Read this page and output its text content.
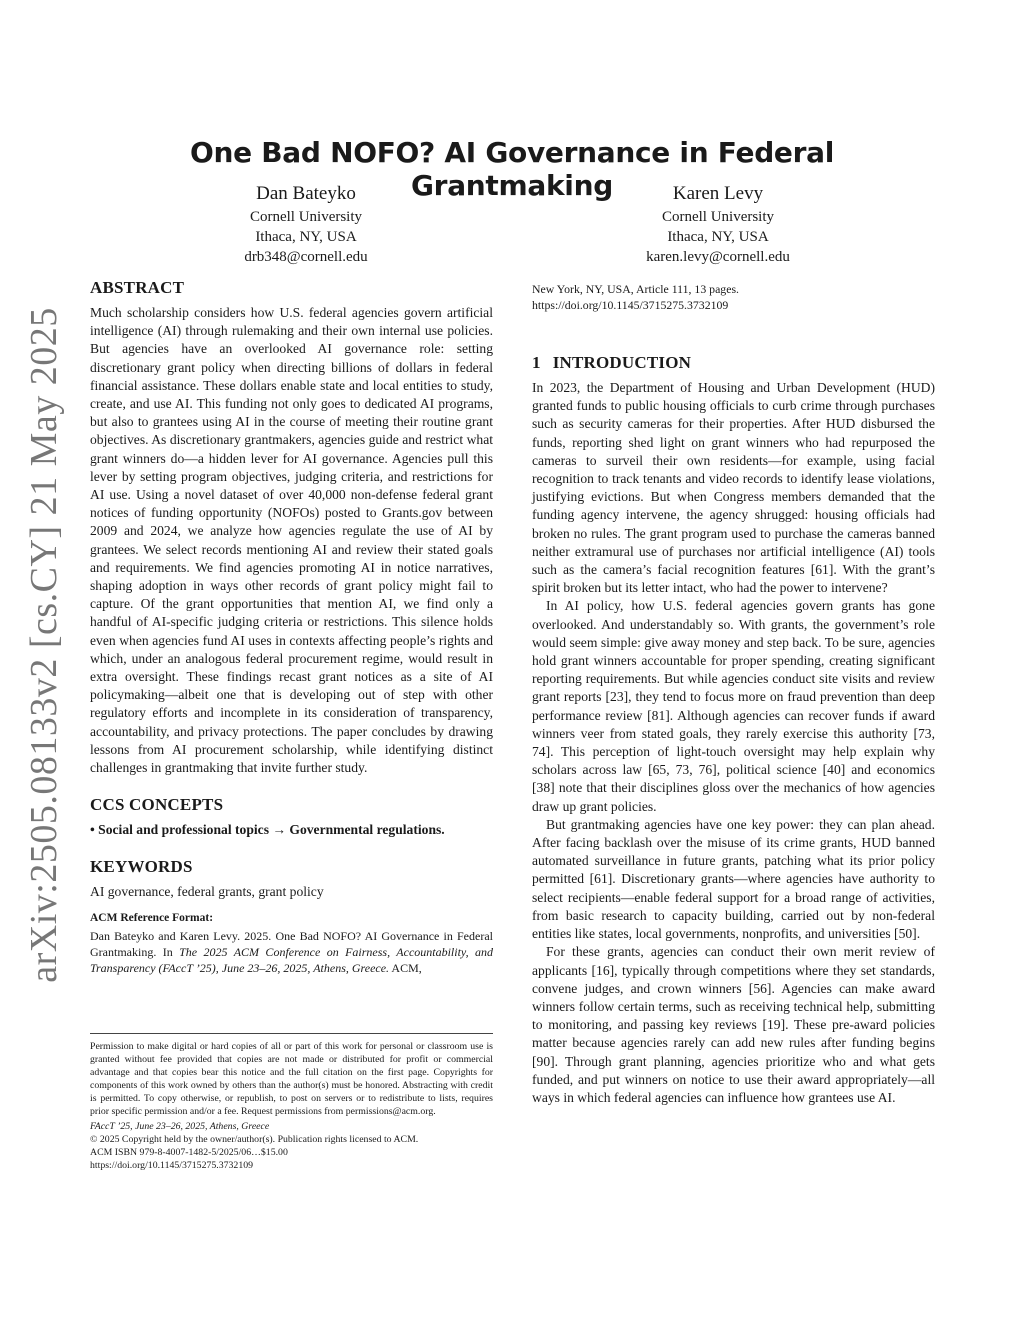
arXiv:2505.08133v2 [cs.CY] 21 May 2025
One Bad NOFO? AI Governance in Federal Grantmaking
Dan Bateyko
Cornell University
Ithaca, NY, USA
drb348@cornell.edu
Karen Levy
Cornell University
Ithaca, NY, USA
karen.levy@cornell.edu
ABSTRACT

Much scholarship considers how U.S. federal agencies govern artificial intelligence (AI) through rulemaking and their own internal use policies. But agencies have an overlooked AI governance role: setting discretionary grant policy when directing billions of dollars in federal financial assistance. These dollars enable state and local entities to study, create, and use AI. This funding not only goes to dedicated AI programs, but also to grantees using AI in the course of meeting their routine grant objectives. As discretionary grantmakers, agencies guide and restrict what grant winners do—a hidden lever for AI governance. Agencies pull this lever by setting program objectives, judging criteria, and restrictions for AI use. Using a novel dataset of over 40,000 non-defense federal grant notices of funding opportunity (NOFOs) posted to Grants.gov between 2009 and 2024, we analyze how agencies regulate the use of AI by grantees. We select records mentioning AI and review their stated goals and requirements. We find agencies promoting AI in notice narratives, shaping adoption in ways other records of grant policy might fail to capture. Of the grant opportunities that mention AI, we find only a handful of AI-specific judging criteria or restrictions. This silence holds even when agencies fund AI uses in contexts affecting people’s rights and which, under an analogous federal procurement regime, would result in extra oversight. These findings recast grant notices as a site of AI policymaking—albeit one that is developing out of step with other regulatory efforts and incomplete in its consideration of transparency, accountability, and privacy protections. The paper concludes by drawing lessons from AI procurement scholarship, while identifying distinct challenges in grantmaking that invite further study.

CCS CONCEPTS
• Social and professional topics → Governmental regulations.
KEYWORDS

AI governance, federal grants, grant policy

ACM Reference Format:

Dan Bateyko and Karen Levy. 2025. One Bad NOFO? AI Governance in Federal Grantmaking. In The 2025 ACM Conference on Fairness, Accountability, and Transparency (FAccT ’25), June 23–26, 2025, Athens, Greece. ACM,

Permission to make digital or hard copies of all or part of this work for personal or classroom use is granted without fee provided that copies are not made or distributed for profit or commercial advantage and that copies bear this notice and the full citation on the first page. Copyrights for components of this work owned by others than the author(s) must be honored. Abstracting with credit is permitted. To copy otherwise, or republish, to post on servers or to redistribute to lists, requires prior specific permission and/or a fee. Request permissions from permissions@acm.org.

FAccT ’25, June 23–26, 2025, Athens, Greece

© 2025 Copyright held by the owner/author(s). Publication rights licensed to ACM.

ACM ISBN 979-8-4007-1482-5/2025/06…$15.00

https://doi.org/10.1145/3715275.3732109

New York, NY, USA, Article 111, 13 pages. https://doi.org/10.1145/3715275.3732109

1 INTRODUCTION

In 2023, the Department of Housing and Urban Development (HUD) granted funds to public housing officials to curb crime through purchases such as security cameras for their properties. After HUD disbursed the funds, reporting shed light on grant winners who had repurposed the cameras to surveil their own residents—for example, using facial recognition to track tenants and video records to identify lease violations, justifying evictions. But when Congress members demanded that the funding agency intervene, the agency shrugged: housing officials had broken no rules. The grant program used to purchase the cameras banned neither extramural use of purchases nor artificial intelligence (AI) tools such as the camera’s facial recognition features [61]. With the grant’s spirit broken but its letter intact, who had the power to intervene?

In AI policy, how U.S. federal agencies govern grants has gone overlooked. And understandably so. With grants, the government’s role would seem simple: give away money and step back. To be sure, agencies hold grant winners accountable for proper spending, creating significant reporting requirements. But while agencies conduct site visits and review grant reports [23], they tend to focus more on fraud prevention than deep performance review [81]. Although agencies can recover funds if award winners veer from stated goals, they rarely exercise this authority [73, 74]. This perception of light-touch oversight may help explain why scholars across law [65, 73, 76], political science [40] and economics [38] note that their disciplines gloss over the mechanics of how agencies draw up grant policies.

But grantmaking agencies have one key power: they can plan ahead. After facing backlash over the misuse of its crime grants, HUD banned automated surveillance in future grants, patching what its prior policy permitted [61]. Discretionary grants—where agencies have authority to select recipients—enable federal support for a broad range of activities, from basic research to capacity building, carried out by non-federal entities like states, local governments, nonprofits, and universities [50].

For these grants, agencies can conduct their own merit review of applicants [16], typically through competitions where they set standards, convene judges, and crown winners [56]. Agencies can make award winners follow certain terms, such as receiving technical help, submitting to monitoring, and passing key reviews [19]. These pre-award policies matter because agencies rarely can add new rules after funding begins [90]. Through grant planning, agencies prioritize who and what gets funded, and put winners on notice to use their award appropriately—all ways in which federal agencies can influence how grantees use AI.
